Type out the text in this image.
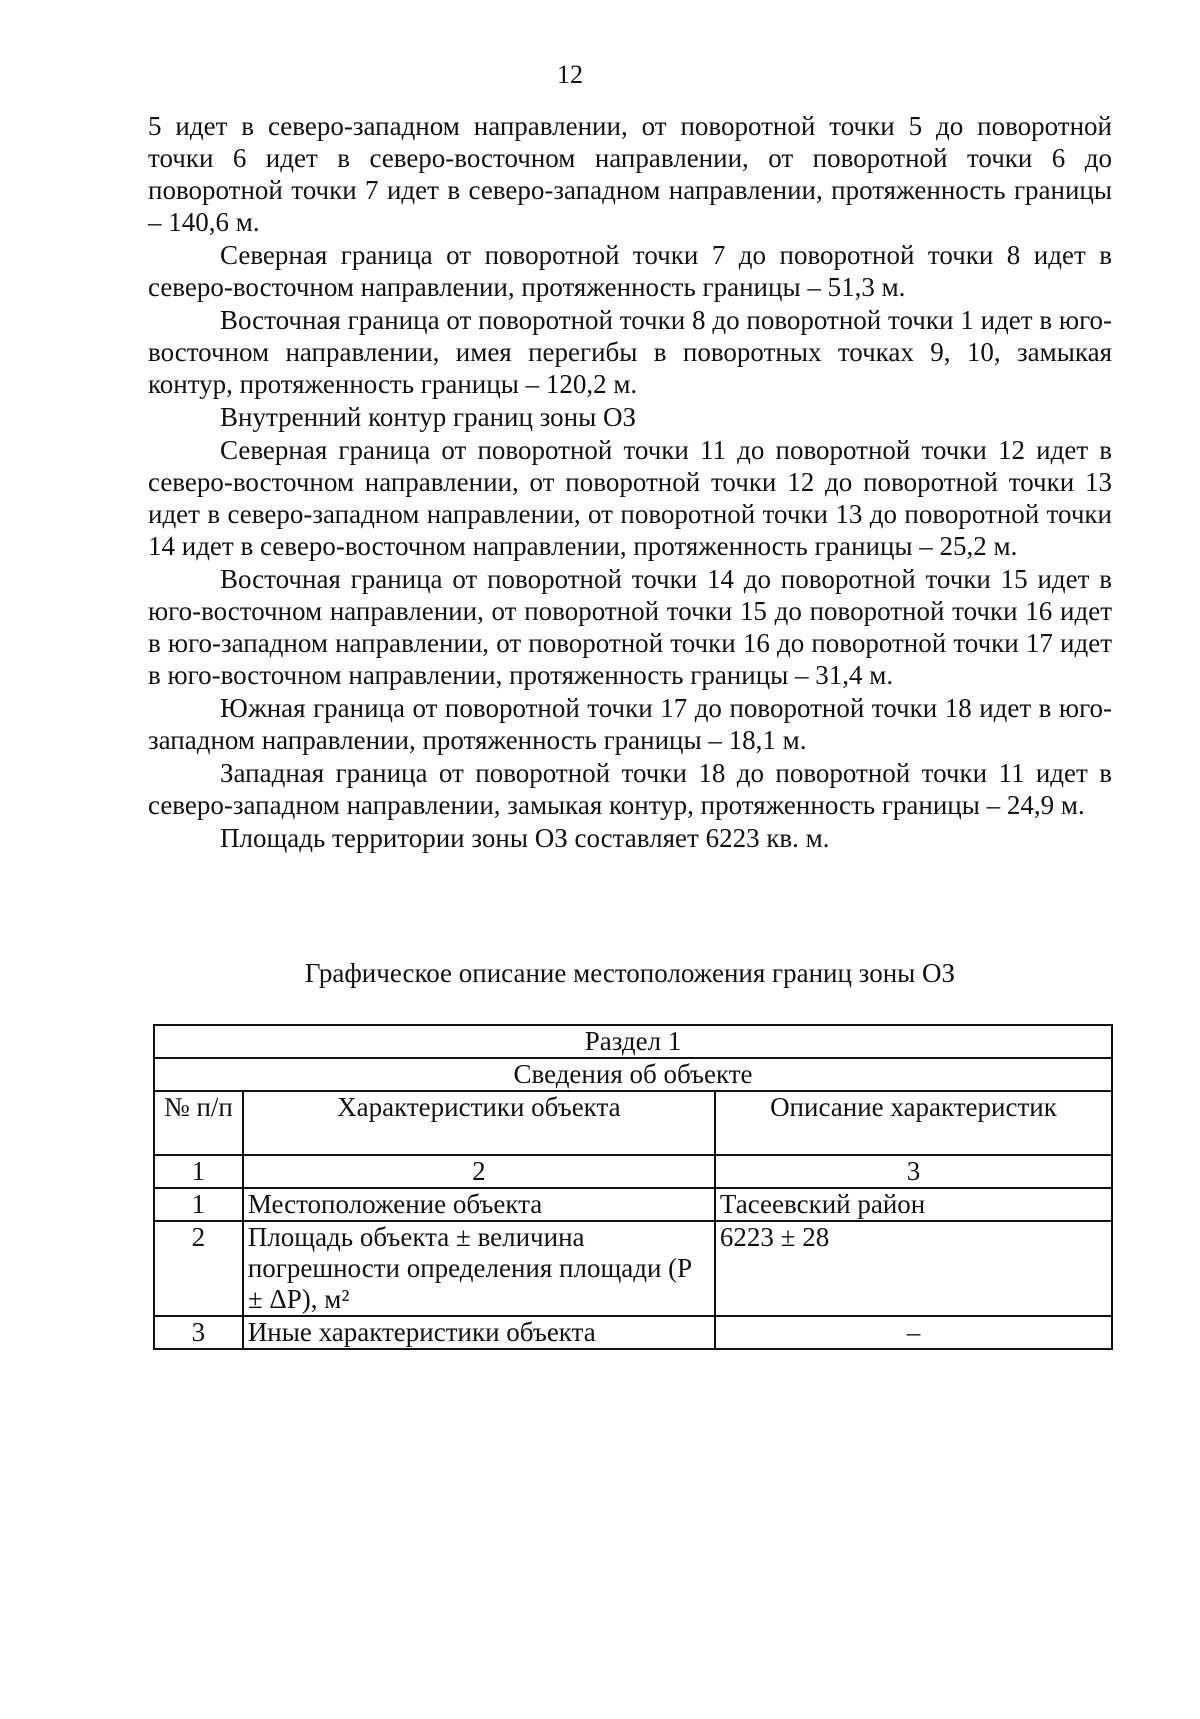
12

5 идет в северо-западном направлении, от поворотной точки 5 до поворотной точки 6 идет в северо-восточном направлении, от поворотной точки 6 до поворотной точки 7 идет в северо-западном направлении, протяженность границы – 140,6 м.

Северная граница от поворотной точки 7 до поворотной точки 8 идет в северо-восточном направлении, протяженность границы – 51,3 м.

Восточная граница от поворотной точки 8 до поворотной точки 1 идет в юго-восточном направлении, имея перегибы в поворотных точках 9, 10, замыкая контур, протяженность границы – 120,2 м.

Внутренний контур границ зоны ОЗ

Северная граница от поворотной точки 11 до поворотной точки 12 идет в северо-восточном направлении, от поворотной точки 12 до поворотной точки 13 идет в северо-западном направлении, от поворотной точки 13 до поворотной точки 14 идет в северо-восточном направлении, протяженность границы – 25,2 м.

Восточная граница от поворотной точки 14 до поворотной точки 15 идет в юго-восточном направлении, от поворотной точки 15 до поворотной точки 16 идет в юго-западном направлении, от поворотной точки 16 до поворотной точки 17 идет в юго-восточном направлении, протяженность границы – 31,4 м.

Южная граница от поворотной точки 17 до поворотной точки 18 идет в юго-западном направлении, протяженность границы – 18,1 м.

Западная граница от поворотной точки 18 до поворотной точки 11 идет в северо-западном направлении, замыкая контур, протяженность границы – 24,9 м.

Площадь территории зоны ОЗ составляет 6223 кв. м.

Графическое описание местоположения границ зоны ОЗ
Раздел 1		
Сведения об объекте		
№ п/п	Характеристики объекта	Описание характеристик
1	2	3
1	Местоположение объекта	Тасеевский район
2	Площадь объекта ± величина погрешности определения площади (Р ± ΔР), м²	6223 ± 28
3	Иные характеристики объекта	–
